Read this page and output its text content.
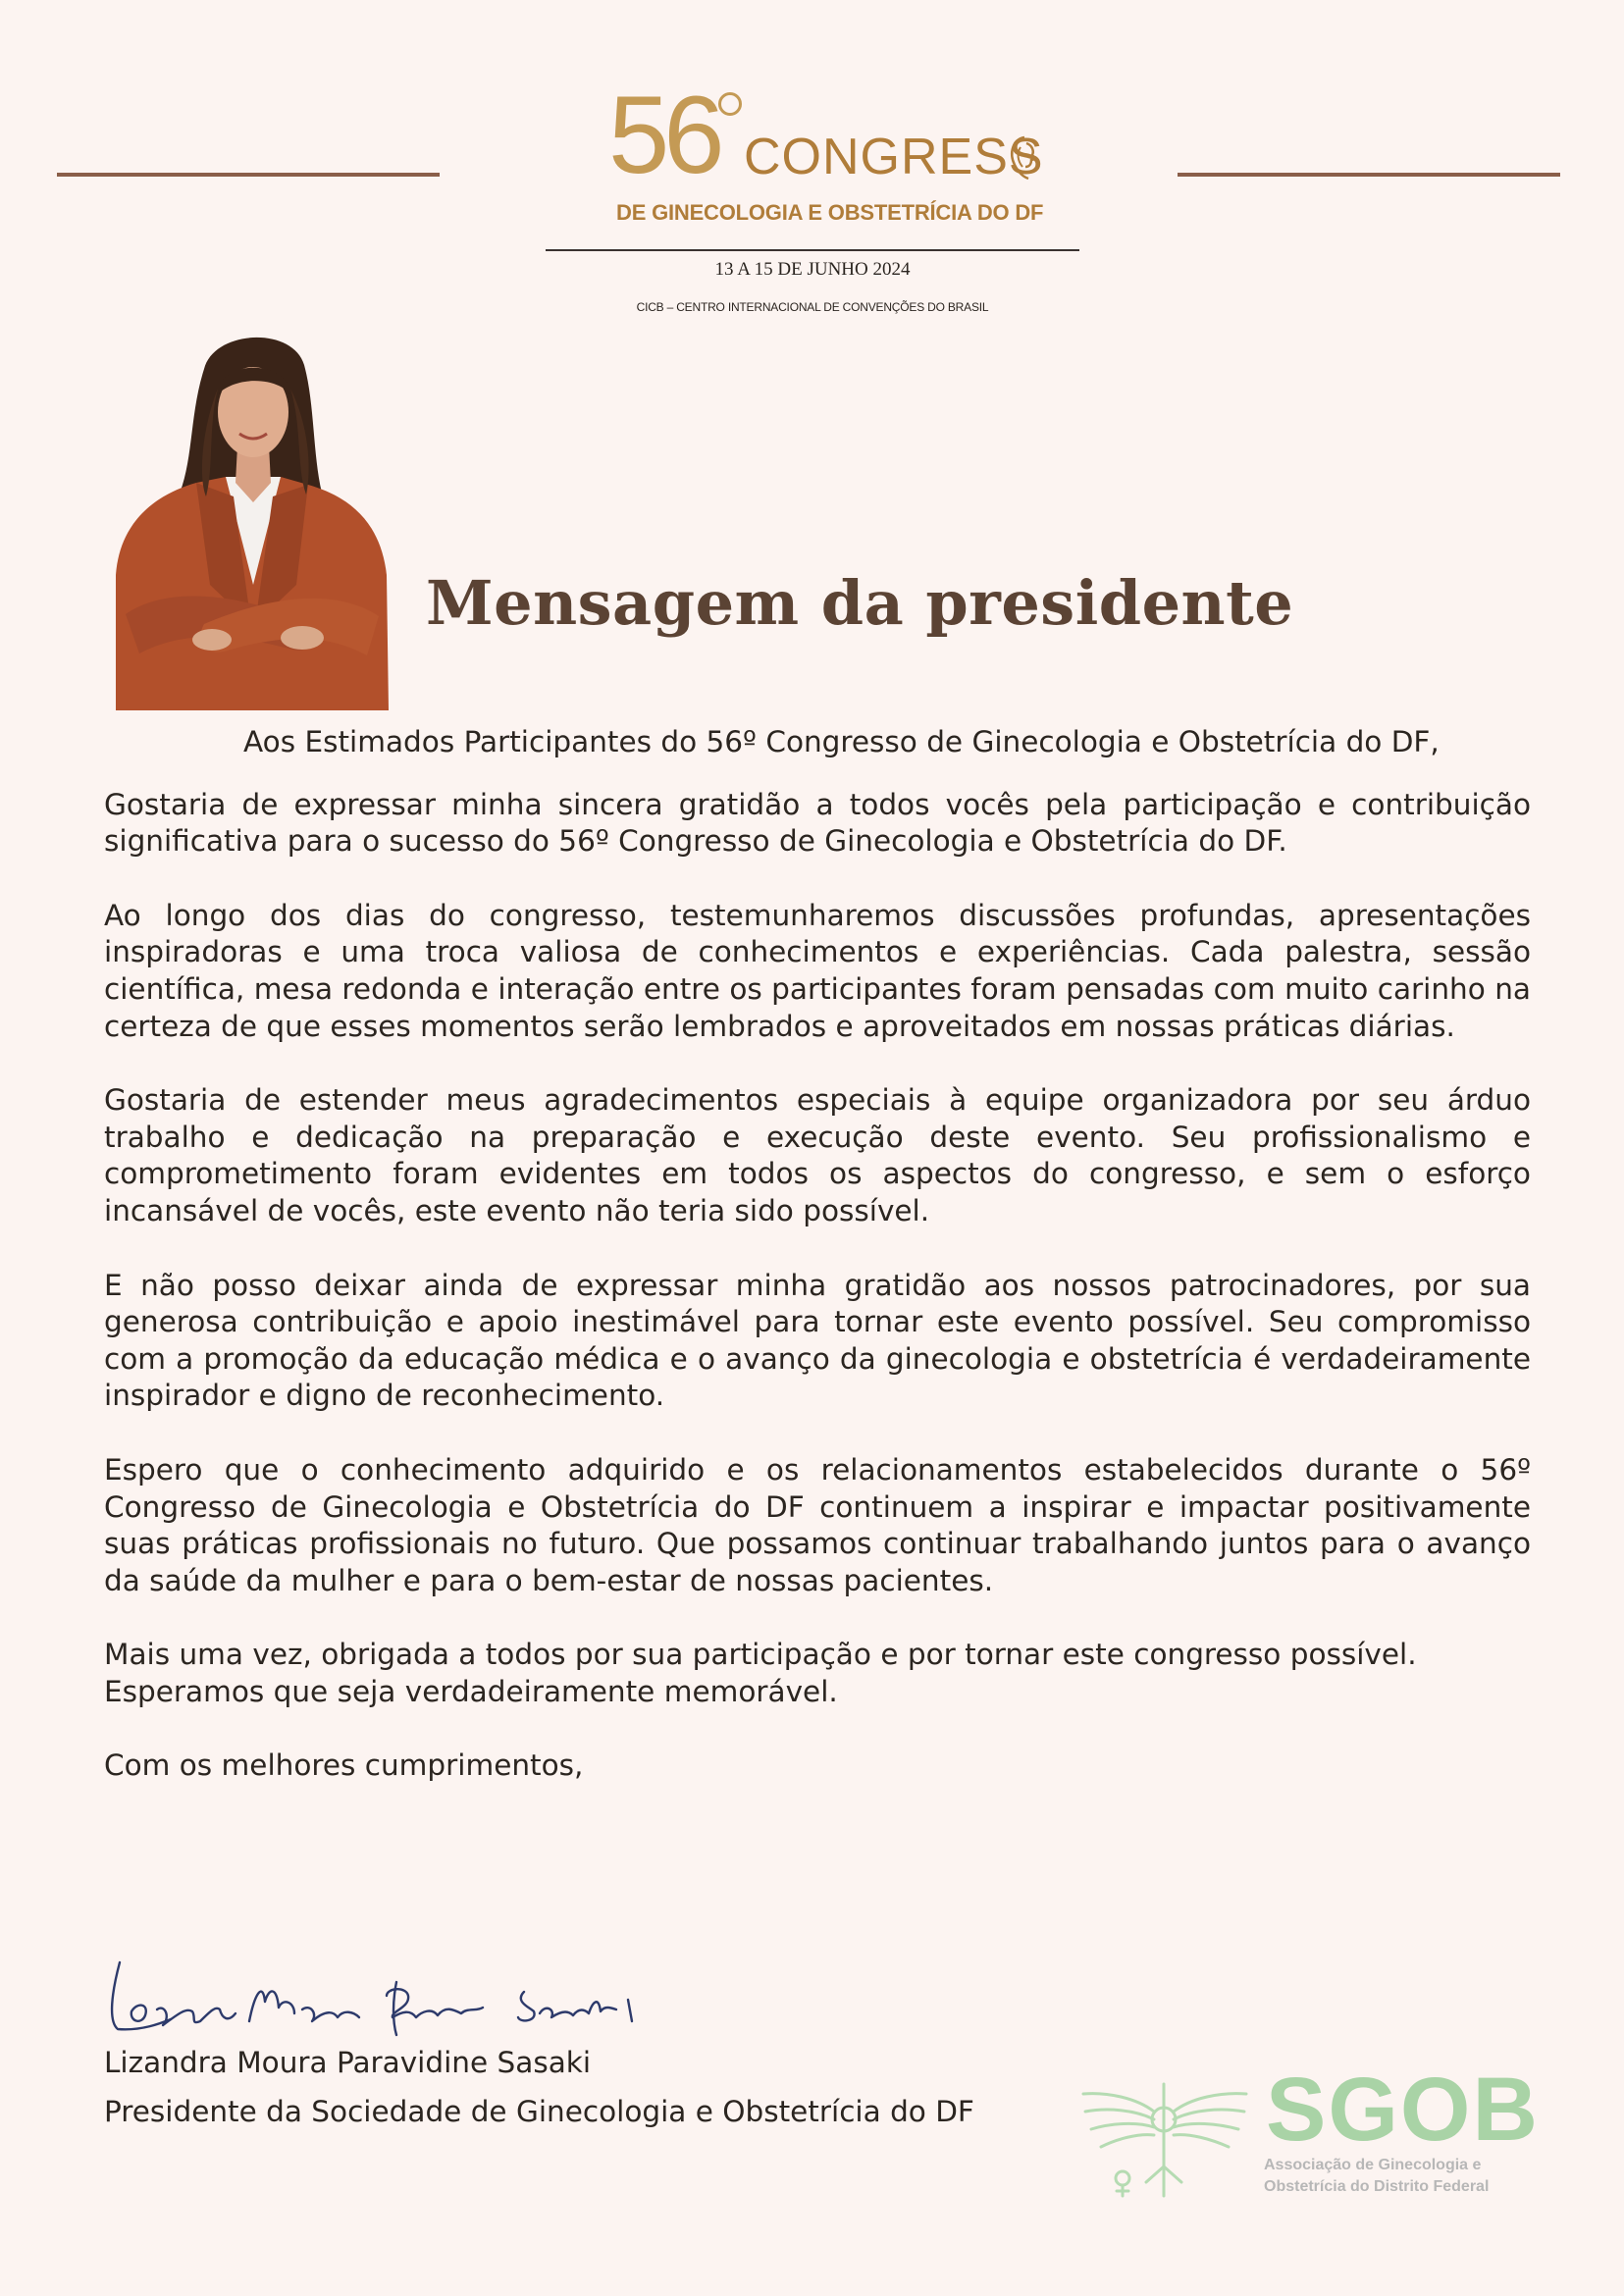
56 CONGRESS
DE GINECOLOGIA E OBSTETRÍCIA DO DF
13 A 15 DE JUNHO 2024
CICB – CENTRO INTERNACIONAL DE CONVENÇÕES DO BRASIL
Mensagem da presidente

Aos Estimados Participantes do 56º Congresso de Ginecologia e Obstetrícia do DF,

Gostaria de expressar minha sincera gratidão a todos vocês pela participação e contribuição significativa para o sucesso do 56º Congresso de Ginecologia e Obstetrícia do DF.

Ao longo dos dias do congresso, testemunharemos discussões profundas, apresentações inspiradoras e uma troca valiosa de conhecimentos e experiências. Cada palestra, sessão científica, mesa redonda e interação entre os participantes foram pensadas com muito carinho na certeza de que esses momentos serão lembrados e aproveitados em nossas práticas diárias.

Gostaria de estender meus agradecimentos especiais à equipe organizadora por seu árduo trabalho e dedicação na preparação e execução deste evento. Seu profissionalismo e comprometimento foram evidentes em todos os aspectos do congresso, e sem o esforço incansável de vocês, este evento não teria sido possível.

E não posso deixar ainda de expressar minha gratidão aos nossos patrocinadores, por sua generosa contribuição e apoio inestimável para tornar este evento possível. Seu compromisso com a promoção da educação médica e o avanço da ginecologia e obstetrícia é verdadeiramente inspirador e digno de reconhecimento.

Espero que o conhecimento adquirido e os relacionamentos estabelecidos durante o 56º Congresso de Ginecologia e Obstetrícia do DF continuem a inspirar e impactar positivamente suas práticas profissionais no futuro. Que possamos continuar trabalhando juntos para o avanço da saúde da mulher e para o bem-estar de nossas pacientes.

Mais uma vez, obrigada a todos por sua participação e por tornar este congresso possível. Esperamos que seja verdadeiramente memorável.

Com os melhores cumprimentos,

Lizandra Moura Paravidine Sasaki
Presidente da Sociedade de Ginecologia e Obstetrícia do DF	SGOB
Associação de Ginecologia e
Obstetrícia do Distrito Federal
